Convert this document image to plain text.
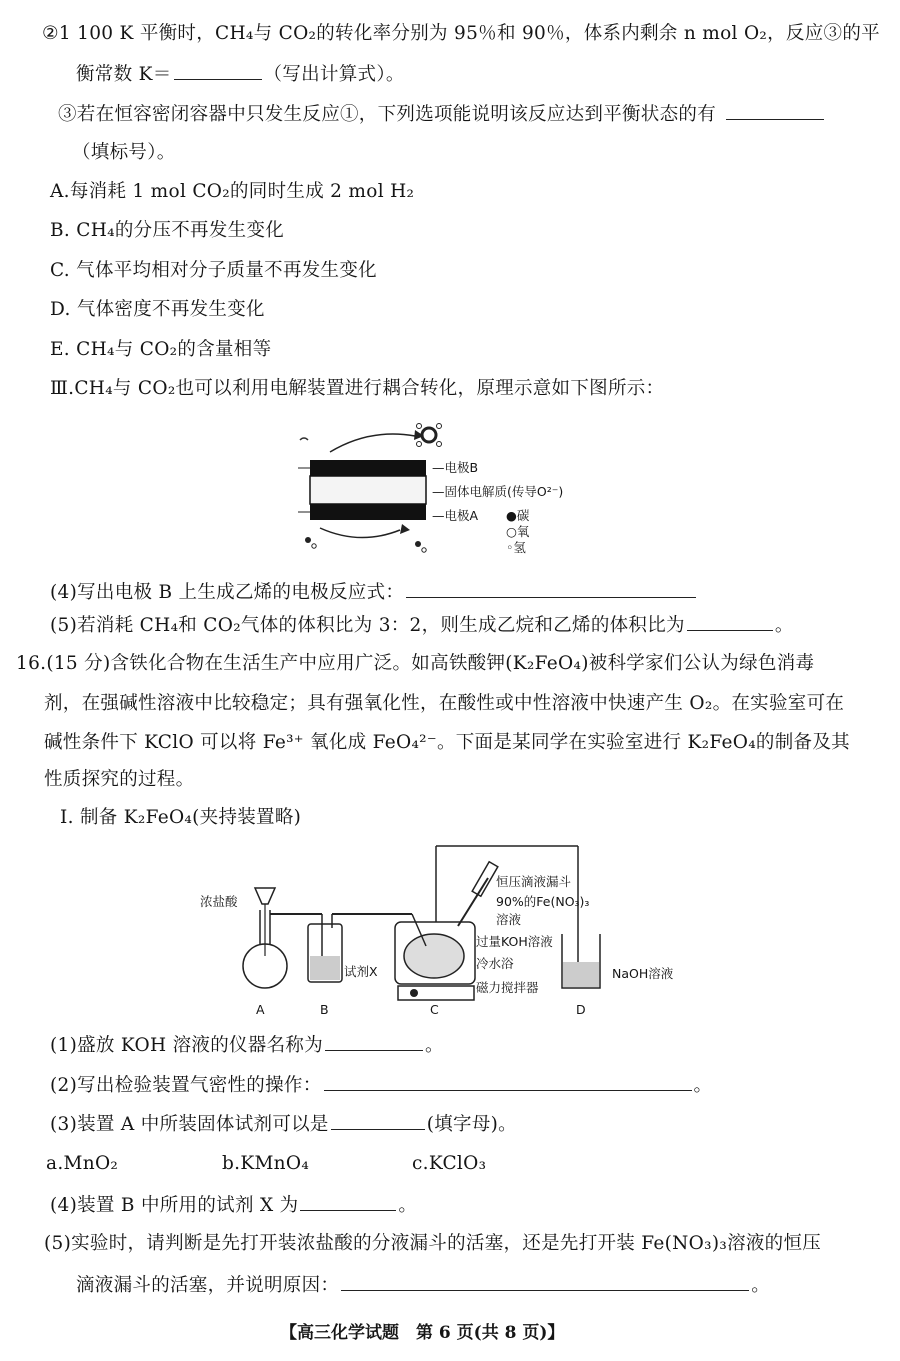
②1 100 K 平衡时，CH₄与 CO₂的转化率分别为 95％和 90％，体系内剩余 n mol O₂，反应③的平
衡常数 K＝	（写出计算式）。
③若在恒容密闭容器中只发生反应①，下列选项能说明该反应达到平衡状态的有
（填标号）。
A.每消耗 1 mol CO₂的同时生成 2 mol H₂
B. CH₄的分压不再发生变化
C. 气体平均相对分子质量不再发生变化
D. 气体密度不再发生变化
E. CH₄与 CO₂的含量相等
Ⅲ.CH₄与 CO₂也可以利用电解装置进行耦合转化，原理示意如下图所示：
—电极B
—固体电解质(传导O²⁻)
—电极A ●碳
○氧
◦氢
(4)写出电极 B 上生成乙烯的电极反应式：
(5)若消耗 CH₄和 CO₂气体的体积比为 3：2，则生成乙烷和乙烯的体积比为	。
16.(15 分)含铁化合物在生活生产中应用广泛。如高铁酸钾(K₂FeO₄)被科学家们公认为绿色消毒
剂，在强碱性溶液中比较稳定；具有强氧化性，在酸性或中性溶液中快速产生 O₂。在实验室可在
碱性条件下 KClO 可以将 Fe³⁺ 氧化成 FeO₄²⁻。下面是某同学在实验室进行 K₂FeO₄的制备及其
性质探究的过程。
Ⅰ. 制备 K₂FeO₄(夹持装置略)
浓盐酸
试剂X
恒压滴液漏斗
90%的Fe(NO₃)₃
溶液
过量KOH溶液
冷水浴
磁力搅拌器
NaOH溶液
A	B	C	D
(1)盛放 KOH 溶液的仪器名称为	。
(2)写出检验装置气密性的操作：	。
(3)装置 A 中所装固体试剂可以是	(填字母)。
a.MnO₂	b.KMnO₄	c.KClO₃
(4)装置 B 中所用的试剂 X 为	。
(5)实验时，请判断是先打开装浓盐酸的分液漏斗的活塞，还是先打开装 Fe(NO₃)₃溶液的恒压
滴液漏斗的活塞，并说明原因：	。
【高三化学试题　第 6 页(共 8 页)】
